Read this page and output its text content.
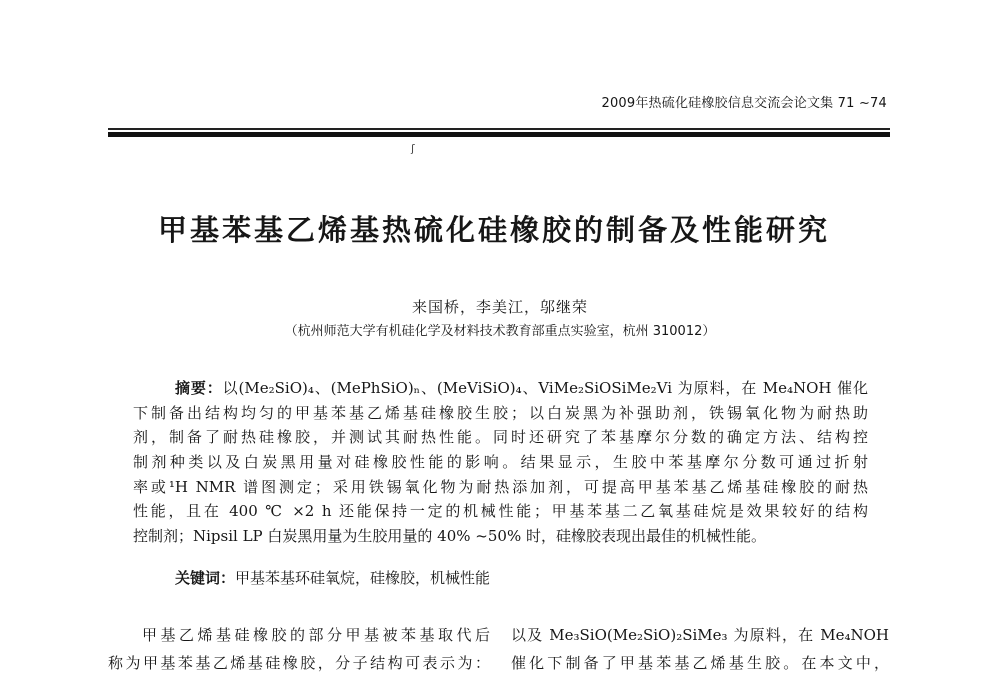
2009年热硫化硅橡胶信息交流会论文集 71 ~74
ʃ
甲基苯基乙烯基热硫化硅橡胶的制备及性能研究
来国桥，李美江，邬继荣
（杭州师范大学有机硅化学及材料技术教育部重点实验室，杭州 310012）
摘要：以(Me₂SiO)₄、(MePhSiO)ₙ、(MeViSiO)₄、ViMe₂SiOSiMe₂Vi 为原料，在 Me₄NOH 催化
下制备出结构均匀的甲基苯基乙烯基硅橡胶生胶；以白炭黑为补强助剂，铁锡氧化物为耐热助
剂，制备了耐热硅橡胶，并测试其耐热性能。同时还研究了苯基摩尔分数的确定方法、结构控
制剂种类以及白炭黑用量对硅橡胶性能的影响。结果显示，生胶中苯基摩尔分数可通过折射
率或¹H NMR 谱图测定；采用铁锡氧化物为耐热添加剂，可提高甲基苯基乙烯基硅橡胶的耐热
性能，且在 400 ℃ ×2 h 还能保持一定的机械性能；甲基苯基二乙氧基硅烷是效果较好的结构
控制剂；Nipsil LP 白炭黑用量为生胶用量的 40% ~50% 时，硅橡胶表现出最佳的机械性能。
关键词：甲基苯基环硅氧烷，硅橡胶，机械性能
甲基乙烯基硅橡胶的部分甲基被苯基取代后
称为甲基苯基乙烯基硅橡胶，分子结构可表示为：
以及 Me₃SiO(Me₂SiO)₂SiMe₃ 为原料，在 Me₄NOH
催化下制备了甲基苯基乙烯基生胶。在本文中，
